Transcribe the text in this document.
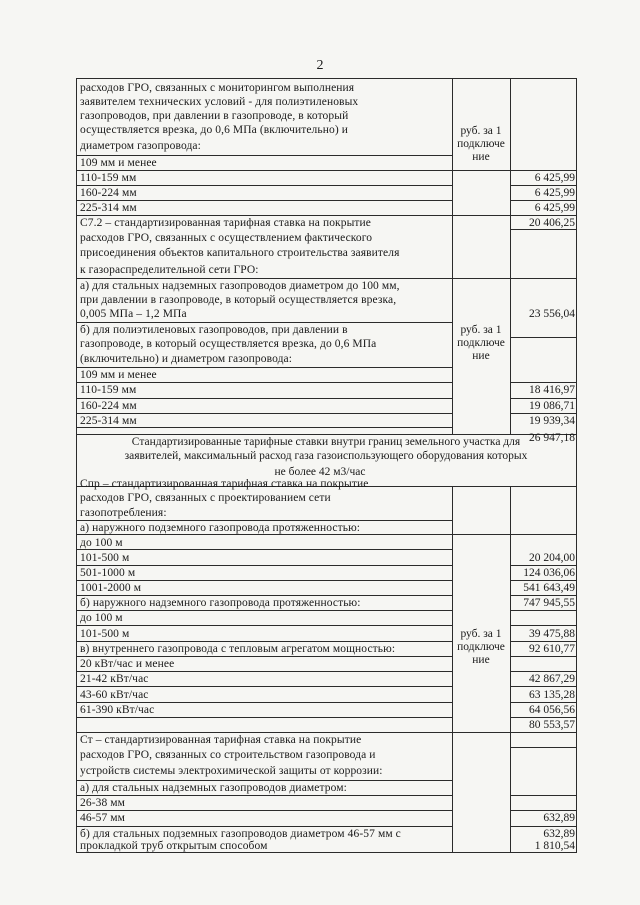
2
расходов ГРО, связанных с мониторингом выполнения
заявителем технических условий - для полиэтиленовых
газопроводов, при давлении в газопроводе, в который
осуществляется врезка, до 0,6 МПа (включительно) и
диаметром газопровода:
109 мм и менее
110-159 мм
160-224 мм
225-314 мм
С7.2 – стандартизированная тарифная ставка на покрытие
расходов ГРО, связанных с осуществлением фактического
присоединения объектов капитального строительства заявителя
к газораспределительной сети ГРО:
а) для стальных надземных газопроводов диаметром до 100 мм,
при давлении в газопроводе, в который осуществляется врезка,
0,005 МПа – 1,2 МПа
б) для полиэтиленовых газопроводов, при давлении в
газопроводе, в который осуществляется врезка, до 0,6 МПа
(включительно) и диаметром газопровода:
109 мм и менее
110-159 мм
160-224 мм
225-314 мм
Стандартизированные тарифные ставки внутри границ земельного участка для
заявителей, максимальный расход газа газоиспользующего оборудования которых
не более 42 м3/час
Спр – стандартизированная тарифная ставка на покрытие
расходов ГРО, связанных с проектированием сети
газопотребления:
а) наружного подземного газопровода протяженностью:
до 100 м
101-500 м
501-1000 м
1001-2000 м
б) наружного надземного газопровода протяженностью:
до 100 м
101-500 м
в) внутреннего газопровода с тепловым агрегатом мощностью:
20 кВт/час и менее
21-42 кВт/час
43-60 кВт/час
61-390 кВт/час
Ст – стандартизированная тарифная ставка на покрытие
расходов ГРО, связанных со строительством газопровода и
устройств системы электрохимической защиты от коррозии:
а) для стальных надземных газопроводов диаметром:
26-38 мм
46-57 мм
б) для стальных подземных газопроводов диаметром 46-57 мм с
прокладкой труб открытым способом
руб. за 1
подключе
ние
руб. за 1
подключе
ние
руб. за 1
подключе
ние
6 425,99
6 425,99
6 425,99
20 406,25
23 556,04
18 416,97
19 086,71
19 939,34
26 947,18
20 204,00
124 036,06
541 643,49
747 945,55
39 475,88
92 610,77
42 867,29
63 135,28
64 056,56
80 553,57
632,89
632,89
1 810,54
